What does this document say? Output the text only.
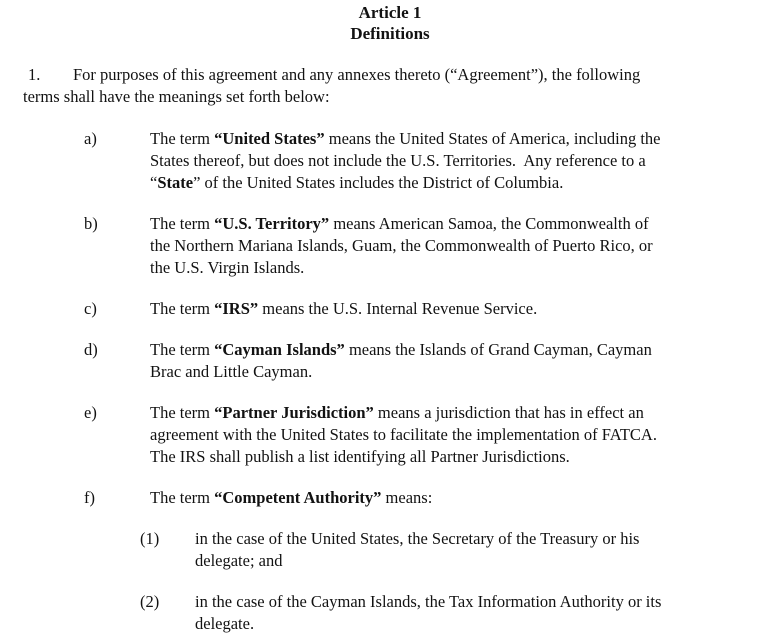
Article 1
Definitions
1.	For purposes of this agreement and any annexes thereto (“Agreement”), the following
terms shall have the meanings set forth below:
a)	The term “United States” means the United States of America, including the
States thereof, but does not include the U.S. Territories.  Any reference to a
“State” of the United States includes the District of Columbia.
b)	The term “U.S. Territory” means American Samoa, the Commonwealth of
the Northern Mariana Islands, Guam, the Commonwealth of Puerto Rico, or
the U.S. Virgin Islands.
c)	The term “IRS” means the U.S. Internal Revenue Service.
d)	The term “Cayman Islands” means the Islands of Grand Cayman, Cayman
Brac and Little Cayman.
e)	The term “Partner Jurisdiction” means a jurisdiction that has in effect an
agreement with the United States to facilitate the implementation of FATCA.
The IRS shall publish a list identifying all Partner Jurisdictions.
f)	The term “Competent Authority” means:
(1) in the case of the United States, the Secretary of the Treasury or his
delegate; and
(2) in the case of the Cayman Islands, the Tax Information Authority or its
delegate.
